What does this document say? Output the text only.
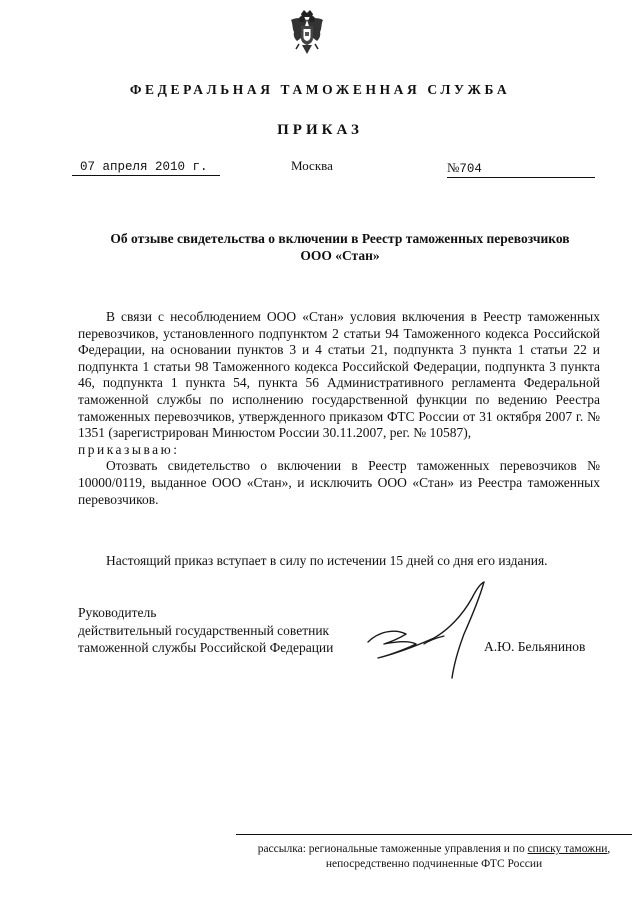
ФЕДЕРАЛЬНАЯ ТАМОЖЕННАЯ СЛУЖБА
ПРИКАЗ
07 апреля 2010 г.	Москва	№704
Об отзыве свидетельства о включении в Реестр таможенных перевозчиков
ООО «Стан»

В связи с несоблюдением ООО «Стан» условия включения в Реестр таможенных перевозчиков, установленного подпунктом 2 статьи 94 Таможенного кодекса Российской Федерации, на основании пунктов 3 и 4 статьи 21, подпункта 3 пункта 1 статьи 22 и подпункта 1 статьи 98 Таможенного кодекса Российской Федерации, подпункта 3 пункта 46, подпункта 1 пункта 54, пункта 56 Административного регламента Федеральной таможенной службы по исполнению государственной функции по ведению Реестра таможенных перевозчиков, утвержденного приказом ФТС России от 31 октября 2007 г. № 1351 (зарегистрирован Минюстом России 30.11.2007, рег. № 10587),

приказываю:

Отозвать свидетельство о включении в Реестр таможенных перевозчиков № 10000/0119, выданное ООО «Стан», и исключить ООО «Стан» из Реестра таможенных перевозчиков.

Настоящий приказ вступает в силу по истечении 15 дней со дня его издания.
Руководитель
действительный государственный советник
таможенной службы Российской Федерации	А.Ю. Бельянинов
рассылка: региональные таможенные управления и по списку таможни,
непосредственно подчиненные ФТС России
